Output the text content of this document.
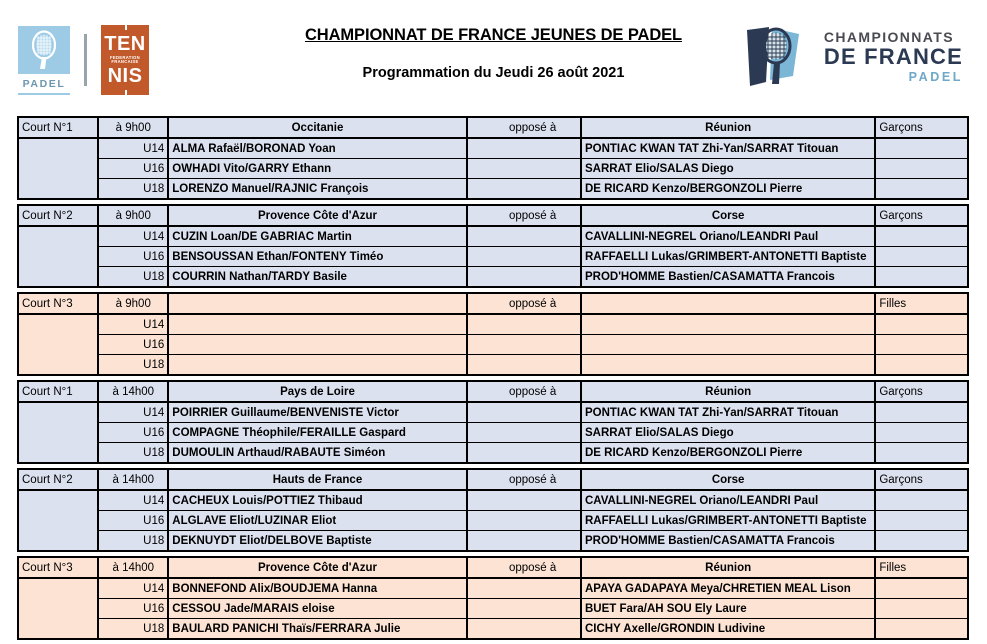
PADEL
TEN
FEDERATION FRANCAISE
NIS
CHAMPIONNAT DE FRANCE JEUNES DE PADEL
Programmation du Jeudi 26 août 2021
CHAMPIONNATS
DE FRANCE
PADEL
Court N°1	à 9h00	Occitanie		opposé à	Réunion	Garçons
	U14	ALMA Rafaël/BORONAD Yoan			PONTIAC KWAN TAT Zhi-Yan/SARRAT Titouan	
	U16	OWHADI Vito/GARRY Ethann			SARRAT Elio/SALAS Diego	
	U18	LORENZO Manuel/RAJNIC François			DE RICARD Kenzo/BERGONZOLI Pierre	
Court N°2	à 9h00	Provence Côte d'Azur		opposé à	Corse	Garçons
	U14	CUZIN Loan/DE GABRIAC Martin			CAVALLINI-NEGREL Oriano/LEANDRI Paul	
	U16	BENSOUSSAN Ethan/FONTENY Timéo			RAFFAELLI Lukas/GRIMBERT-ANTONETTI Baptiste	
	U18	COURRIN Nathan/TARDY Basile			PROD'HOMME Bastien/CASAMATTA Francois	
Court N°3	à 9h00			opposé à		Filles
	U14					
	U16					
	U18					
Court N°1	à 14h00	Pays de Loire		opposé à	Réunion	Garçons
	U14	POIRRIER Guillaume/BENVENISTE Victor			PONTIAC KWAN TAT Zhi-Yan/SARRAT Titouan	
	U16	COMPAGNE Théophile/FERAILLE Gaspard			SARRAT Elio/SALAS Diego	
	U18	DUMOULIN Arthaud/RABAUTE Siméon			DE RICARD Kenzo/BERGONZOLI Pierre	
Court N°2	à 14h00	Hauts de France		opposé à	Corse	Garçons
	U14	CACHEUX Louis/POTTIEZ Thibaud			CAVALLINI-NEGREL Oriano/LEANDRI Paul	
	U16	ALGLAVE Eliot/LUZINAR Eliot			RAFFAELLI Lukas/GRIMBERT-ANTONETTI Baptiste	
	U18	DEKNUYDT Eliot/DELBOVE Baptiste			PROD'HOMME Bastien/CASAMATTA Francois	
Court N°3	à 14h00	Provence Côte d'Azur		opposé à	Réunion	Filles
	U14	BONNEFOND Alix/BOUDJEMA Hanna			APAYA GADAPAYA Meya/CHRETIEN MEAL Lison	
	U16	CESSOU Jade/MARAIS eloise			BUET Fara/AH SOU Ely Laure	
	U18	BAULARD PANICHI Thaïs/FERRARA Julie			CICHY Axelle/GRONDIN Ludivine	
